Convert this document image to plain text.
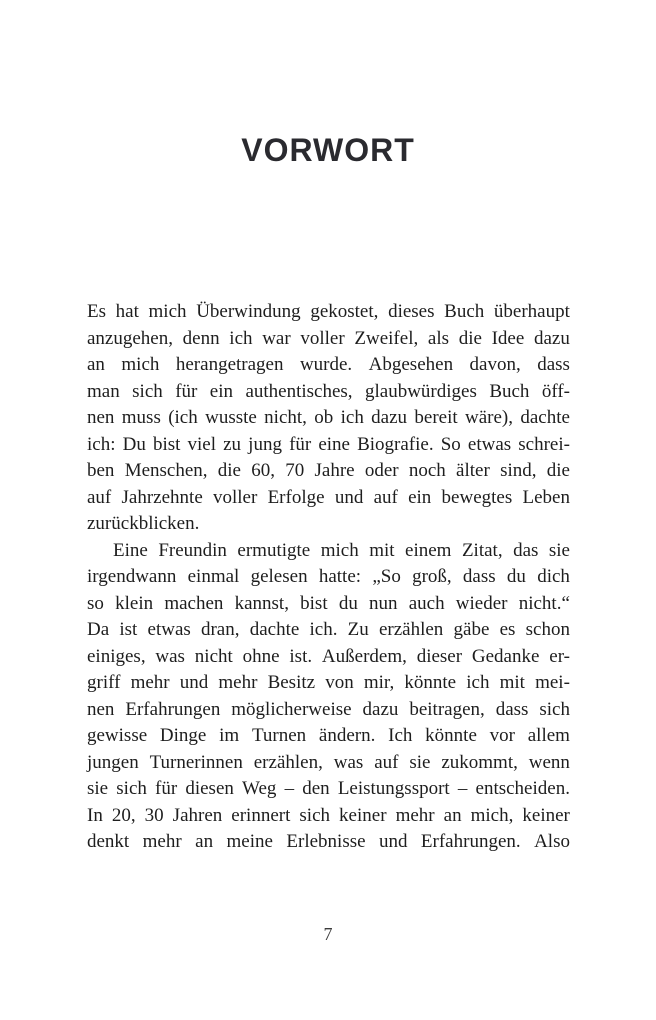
VORWORT
Es hat mich Überwindung gekostet, dieses Buch überhaupt
anzugehen, denn ich war voller Zweifel, als die Idee dazu
an mich herangetragen wurde. Abgesehen davon, dass
man sich für ein authentisches, glaubwürdiges Buch öff-
nen muss (ich wusste nicht, ob ich dazu bereit wäre), dachte
ich: Du bist viel zu jung für eine Biografie. So etwas schrei-
ben Menschen, die 60, 70 Jahre oder noch älter sind, die
auf Jahrzehnte voller Erfolge und auf ein bewegtes Leben
zurückblicken.
Eine Freundin ermutigte mich mit einem Zitat, das sie
irgendwann einmal gelesen hatte: „So groß, dass du dich
so klein machen kannst, bist du nun auch wieder nicht.“
Da ist etwas dran, dachte ich. Zu erzählen gäbe es schon
einiges, was nicht ohne ist. Außerdem, dieser Gedanke er-
griff mehr und mehr Besitz von mir, könnte ich mit mei-
nen Erfahrungen möglicherweise dazu beitragen, dass sich
gewisse Dinge im Turnen ändern. Ich könnte vor allem
jungen Turnerinnen erzählen, was auf sie zukommt, wenn
sie sich für diesen Weg – den Leistungssport – entscheiden.
In 20, 30 Jahren erinnert sich keiner mehr an mich, keiner
denkt mehr an meine Erlebnisse und Erfahrungen. Also
7
